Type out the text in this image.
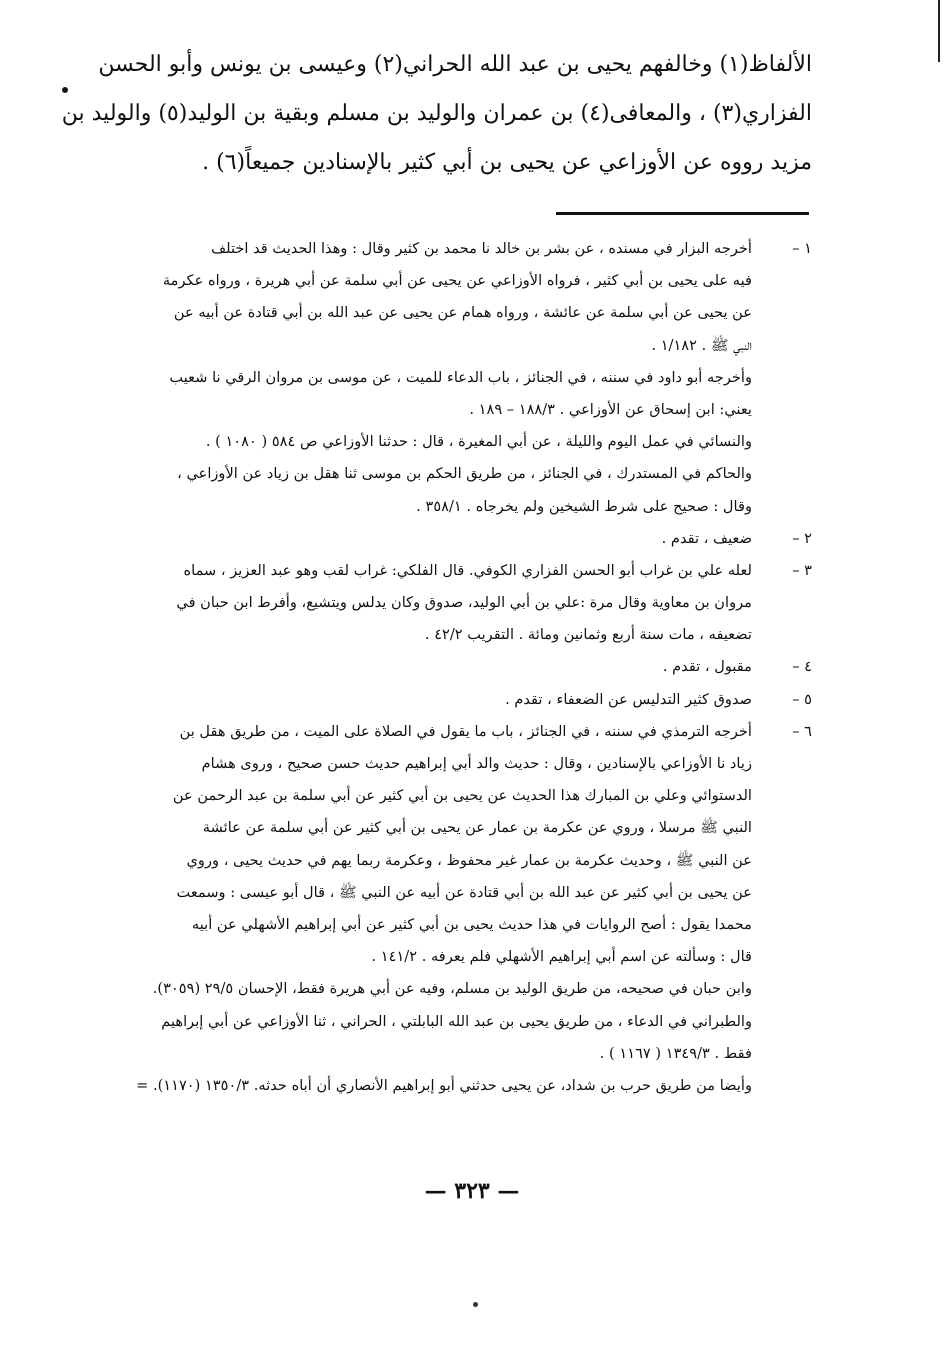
الألفاظ(١) وخالفهم يحيى بن عبد الله الحراني(٢) وعيسى بن يونس وأبو الحسن
الفزاري(٣) ، والمعافى(٤) بن عمران والوليد بن مسلم وبقية بن الوليد(٥) والوليد بن
مزيد رووه عن الأوزاعي عن يحيى بن أبي كثير بالإسنادين جميعاً(٦) .
١ –
أخرجه البزار في مسنده ، عن بشر بن خالد نا محمد بن كثير وقال : وهذا الحديث قد اختلف
فيه على يحيى بن أبي كثير ، فرواه الأوزاعي عن يحيى عن أبي سلمة عن أبي هريرة ، ورواه عكرمة
عن يحيى عن أبي سلمة عن عائشة ، ورواه همام عن يحيى عن عبد الله بن أبي قتادة عن أبيه عن
النبي ﷺ . ١/١٨٢ .
وأخرجه أبو داود في سننه ، في الجنائز ، باب الدعاء للميت ، عن موسى بن مروان الرقي نا شعيب
يعني: ابن إسحاق عن الأوزاعي . ١٨٨/٣ – ١٨٩ .
والنسائي في عمل اليوم والليلة ، عن أبي المغيرة ، قال : حدثنا الأوزاعي ص ٥٨٤ ( ١٠٨٠ ) .
والحاكم في المستدرك ، في الجنائز ، من طريق الحكم بن موسى ثنا هقل بن زياد عن الأوزاعي ،
وقال : صحيح على شرط الشيخين ولم يخرجاه . ٣٥٨/١ .
٢ –
ضعيف ، تقدم .
٣ –
لعله علي بن غراب أبو الحسن الفزاري الكوفي. قال الفلكي: غراب لقب وهو عبد العزيز ، سماه
مروان بن معاوية وقال مرة :علي بن أبي الوليد، صدوق وكان يدلس ويتشيع، وأفرط ابن حبان في
تضعيفه ، مات سنة أربع وثمانين ومائة . التقريب ٤٢/٢ .
٤ –
مقبول ، تقدم .
٥ –
صدوق كثير التدليس عن الضعفاء ، تقدم .
٦ –
أخرجه الترمذي في سننه ، في الجنائز ، باب ما يقول في الصلاة على الميت ، من طريق هقل بن
زياد نا الأوزاعي بالإسنادين ، وقال : حديث والد أبي إبراهيم حديث حسن صحيح ، وروى هشام
الدستوائي وعلي بن المبارك هذا الحديث عن يحيى بن أبي كثير عن أبي سلمة بن عبد الرحمن عن
النبي ﷺ مرسلا ، وروي عن عكرمة بن عمار عن يحيى بن أبي كثير عن أبي سلمة عن عائشة
عن النبي ﷺ ، وحديث عكرمة بن عمار غير محفوظ ، وعكرمة ربما يهم في حديث يحيى ، وروي
عن يحيى بن أبي كثير عن عبد الله بن أبي قتادة عن أبيه عن النبي ﷺ ، قال أبو عيسى : وسمعت
محمدا يقول : أصح الروايات في هذا حديث يحيى بن أبي كثير عن أبي إبراهيم الأشهلي عن أبيه
قال : وسألته عن اسم أبي إبراهيم الأشهلي فلم يعرفه . ١٤١/٢ .
وابن حبان في صحيحه، من طريق الوليد بن مسلم، وفيه عن أبي هريرة فقط، الإحسان ٢٩/٥ (٣٠٥٩).
والطبراني في الدعاء ، من طريق يحيى بن عبد الله البابلتي ، الحراني ، ثنا الأوزاعي عن أبي إبراهيم
فقط . ١٣٤٩/٣ ( ١١٦٧ ) .
وأيضا من طريق حرب بن شداد، عن يحيى حدثني أبو إبراهيم الأنصاري أن أباه حدثه. ١٣٥٠/٣ (١١٧٠). =
— ٣٢٣ —
